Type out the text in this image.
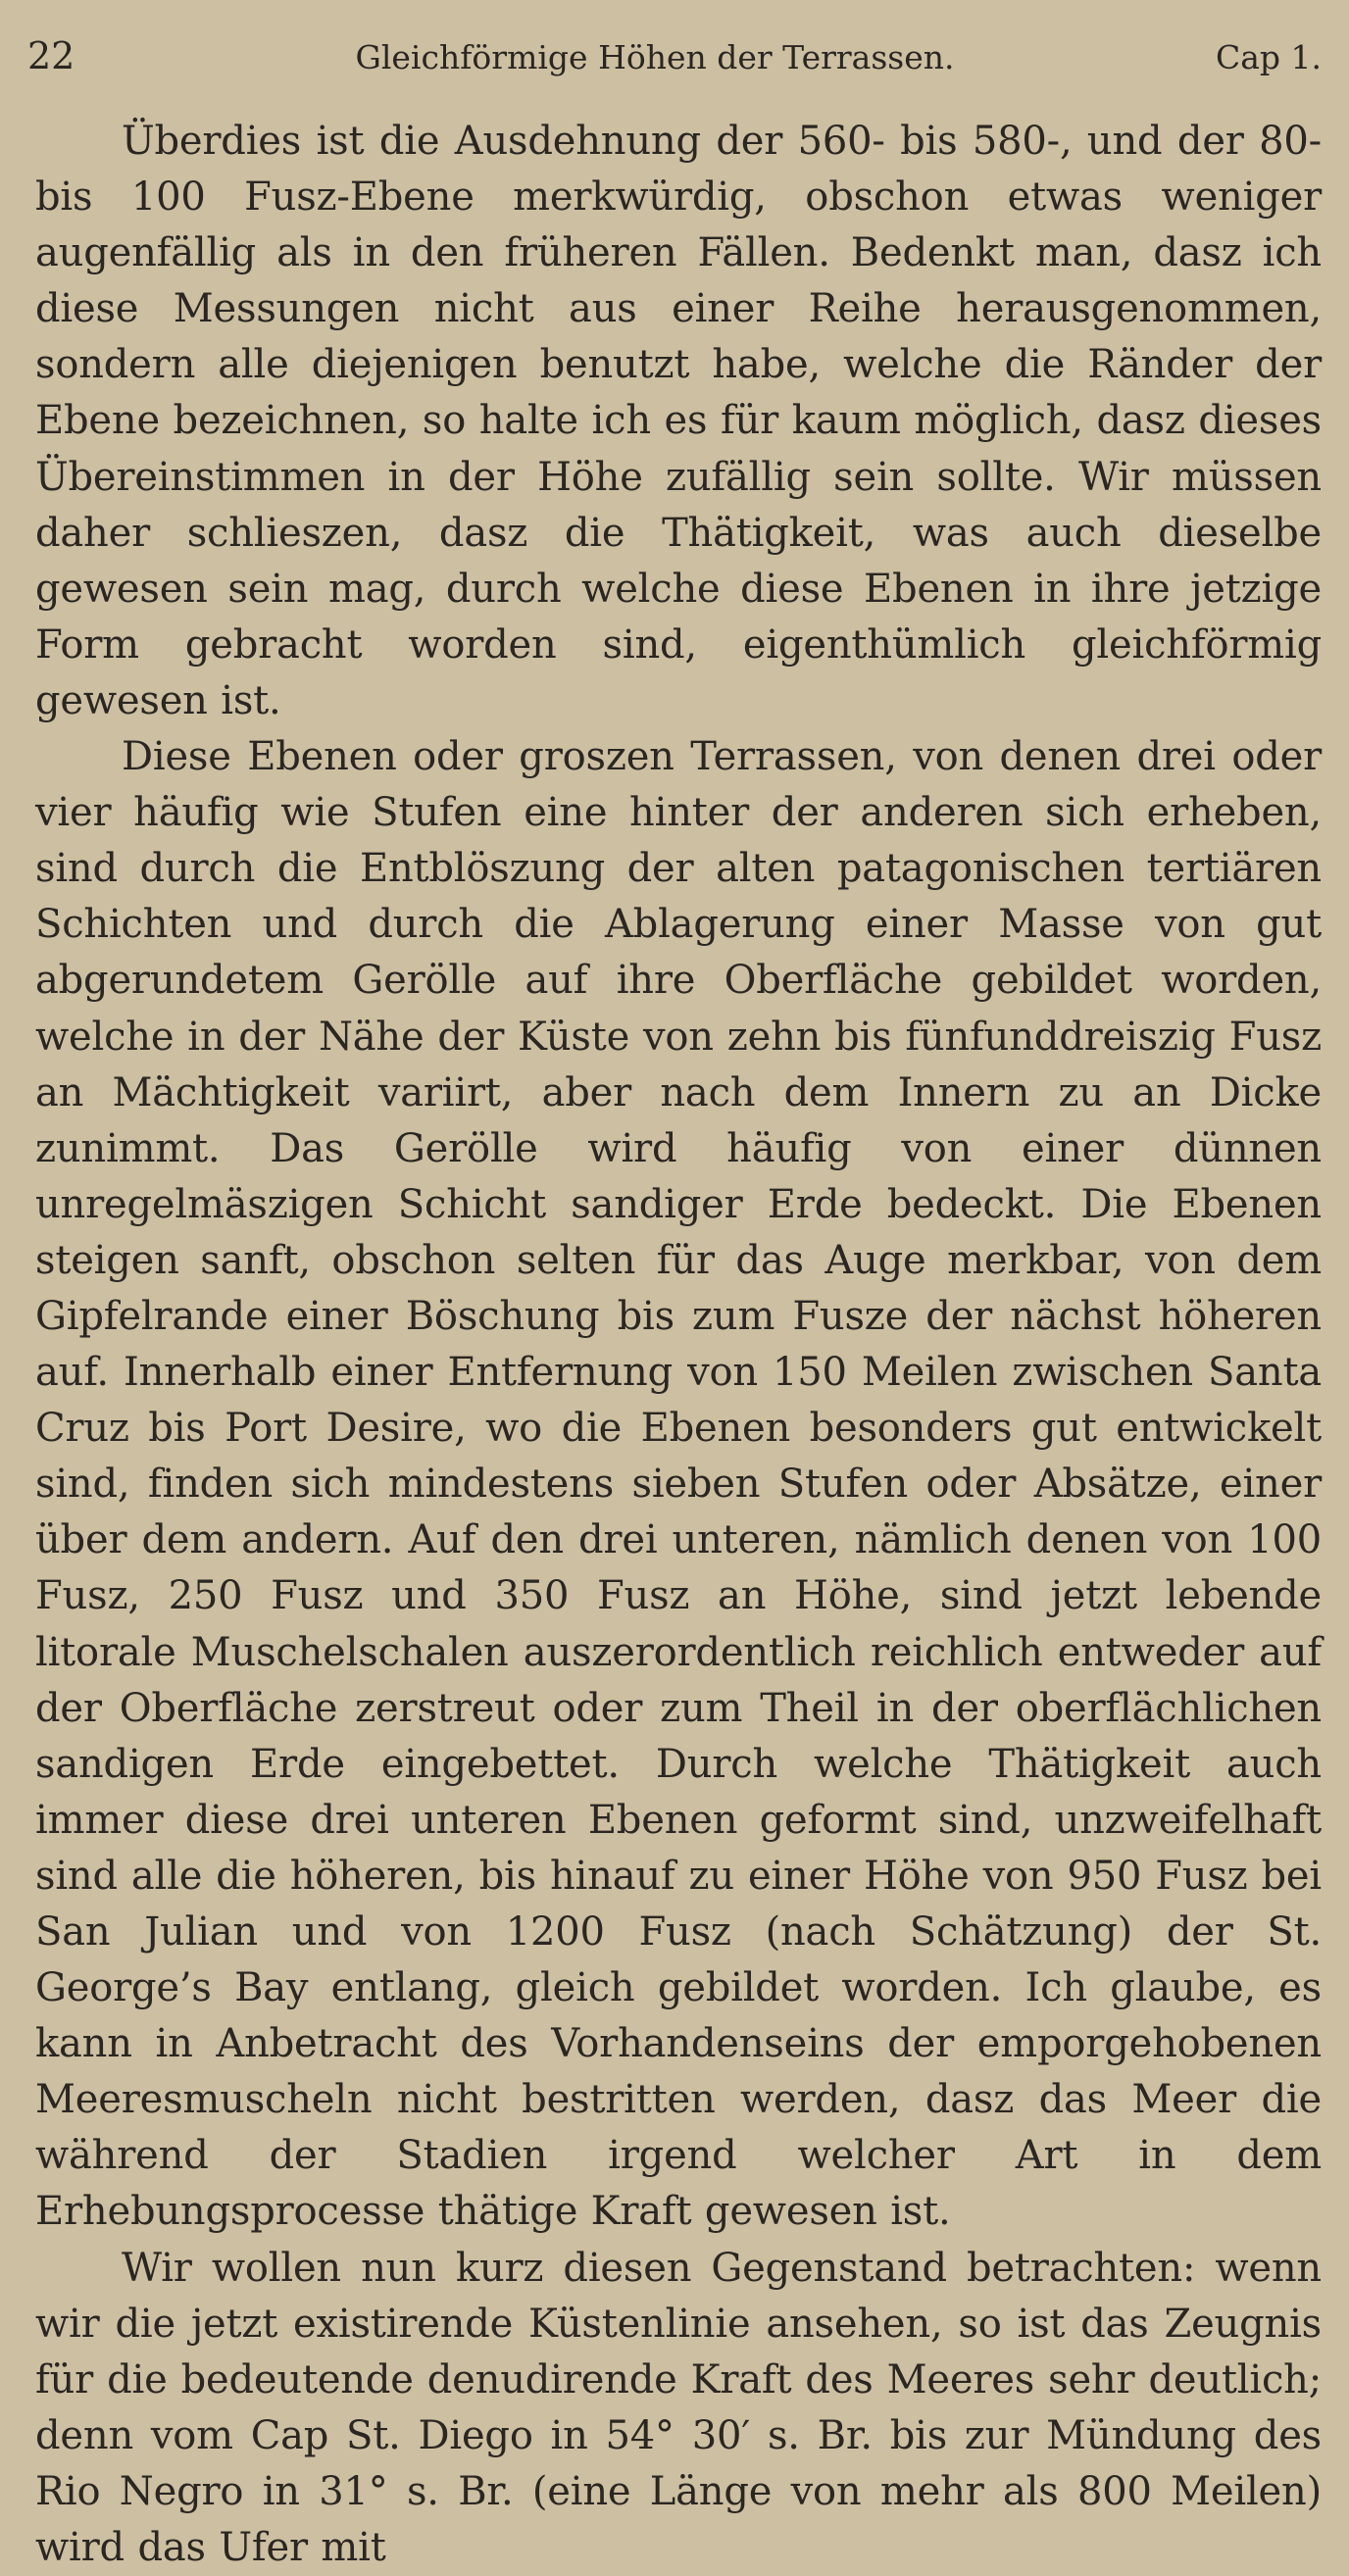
22	Gleichförmige Höhen der Terrassen.	Cap 1.

Überdies ist die Ausdehnung der 560- bis 580-, und der 80- bis 100 Fusz-Ebene merkwürdig, obschon etwas weniger augenfällig als in den früheren Fällen. Bedenkt man, dasz ich diese Messungen nicht aus einer Reihe herausgenommen, sondern alle diejenigen benutzt habe, welche die Ränder der Ebene bezeichnen, so halte ich es für kaum möglich, dasz dieses Übereinstimmen in der Höhe zufällig sein sollte. Wir müssen daher schlieszen, dasz die Thätigkeit, was auch dieselbe gewesen sein mag, durch welche diese Ebenen in ihre jetzige Form gebracht worden sind, eigenthümlich gleichförmig gewesen ist.

Diese Ebenen oder groszen Terrassen, von denen drei oder vier häufig wie Stufen eine hinter der anderen sich erheben, sind durch die Entblöszung der alten patagonischen tertiären Schichten und durch die Ablagerung einer Masse von gut abgerundetem Gerölle auf ihre Oberfläche gebildet worden, welche in der Nähe der Küste von zehn bis fünfunddreiszig Fusz an Mächtigkeit variirt, aber nach dem Innern zu an Dicke zunimmt. Das Gerölle wird häufig von einer dünnen unregelmäszigen Schicht sandiger Erde bedeckt. Die Ebenen steigen sanft, obschon selten für das Auge merkbar, von dem Gipfelrande einer Böschung bis zum Fusze der nächst höheren auf. Innerhalb einer Entfernung von 150 Meilen zwischen Santa Cruz bis Port Desire, wo die Ebenen besonders gut entwickelt sind, finden sich mindestens sieben Stufen oder Absätze, einer über dem andern. Auf den drei unteren, nämlich denen von 100 Fusz, 250 Fusz und 350 Fusz an Höhe, sind jetzt lebende litorale Muschelschalen auszerordentlich reichlich entweder auf der Oberfläche zerstreut oder zum Theil in der oberflächlichen sandigen Erde eingebettet. Durch welche Thätigkeit auch immer diese drei unteren Ebenen geformt sind, unzweifelhaft sind alle die höheren, bis hinauf zu einer Höhe von 950 Fusz bei San Julian und von 1200 Fusz (nach Schätzung) der St. George’s Bay entlang, gleich gebildet worden. Ich glaube, es kann in Anbetracht des Vorhandenseins der emporgehobenen Meeresmuscheln nicht bestritten werden, dasz das Meer die während der Stadien irgend welcher Art in dem Erhebungsprocesse thätige Kraft gewesen ist.

Wir wollen nun kurz diesen Gegenstand betrachten: wenn wir die jetzt existirende Küstenlinie ansehen, so ist das Zeugnis für die bedeutende denudirende Kraft des Meeres sehr deutlich; denn vom Cap St. Diego in 54° 30′ s. Br. bis zur Mündung des Rio Negro in 31° s. Br. (eine Länge von mehr als 800 Meilen) wird das Ufer mit
